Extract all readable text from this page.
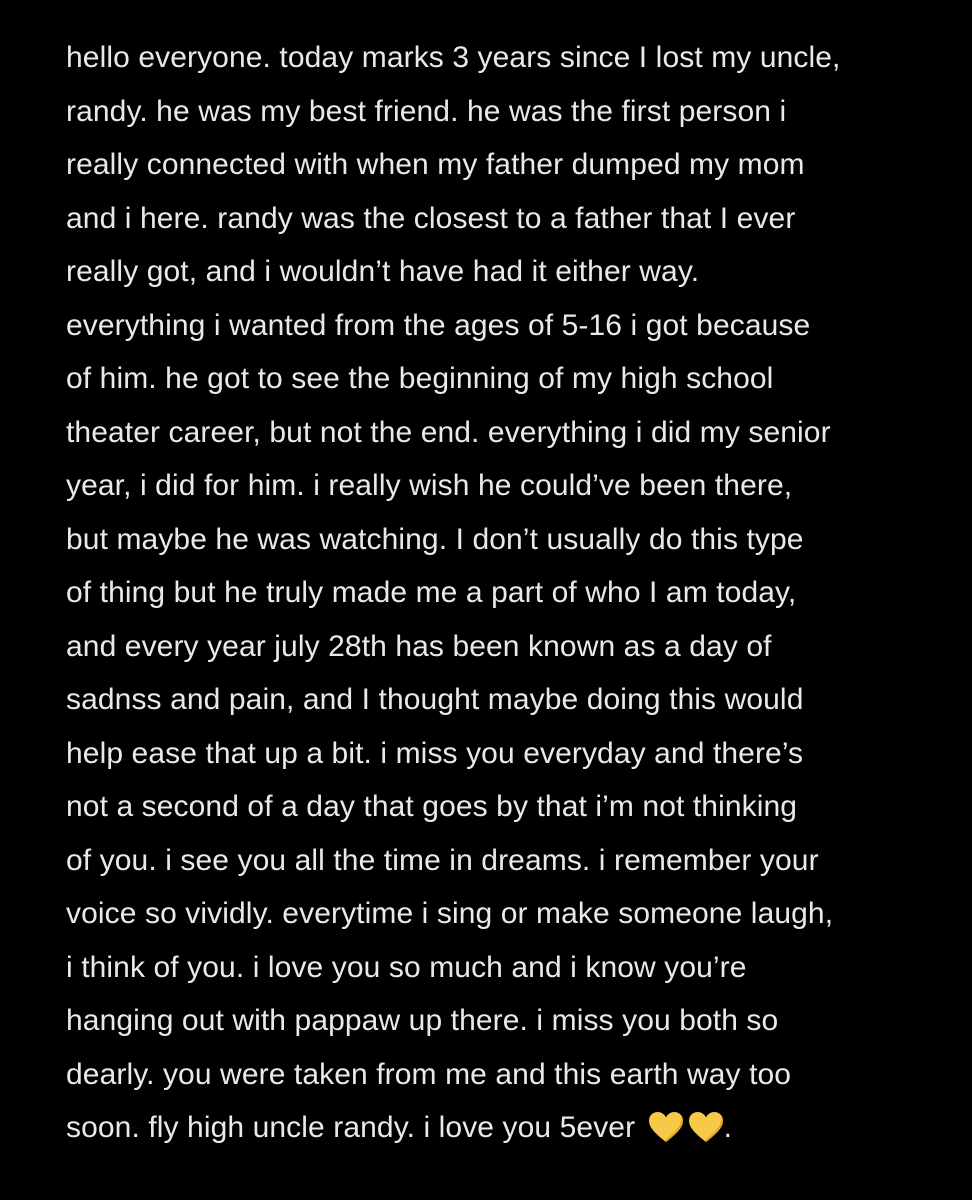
hello everyone. today marks 3 years since I lost my uncle,
randy. he was my best friend. he was the first person i
really connected with when my father dumped my mom
and i here. randy was the closest to a father that I ever
really got, and i wouldn’t have had it either way.
everything i wanted from the ages of 5-16 i got because
of him. he got to see the beginning of my high school
theater career, but not the end. everything i did my senior
year, i did for him. i really wish he could’ve been there,
but maybe he was watching. I don’t usually do this type
of thing but he truly made me a part of who I am today,
and every year july 28th has been known as a day of
sadnss and pain, and I thought maybe doing this would
help ease that up a bit. i miss you everyday and there’s
not a second of a day that goes by that i’m not thinking
of you. i see you all the time in dreams. i remember your
voice so vividly. everytime i sing or make someone laugh,
i think of you. i love you so much and i know you’re
hanging out with pappaw up there. i miss you both so
dearly. you were taken from me and this earth way too
soon. fly high uncle randy. i love you 5ever	.
